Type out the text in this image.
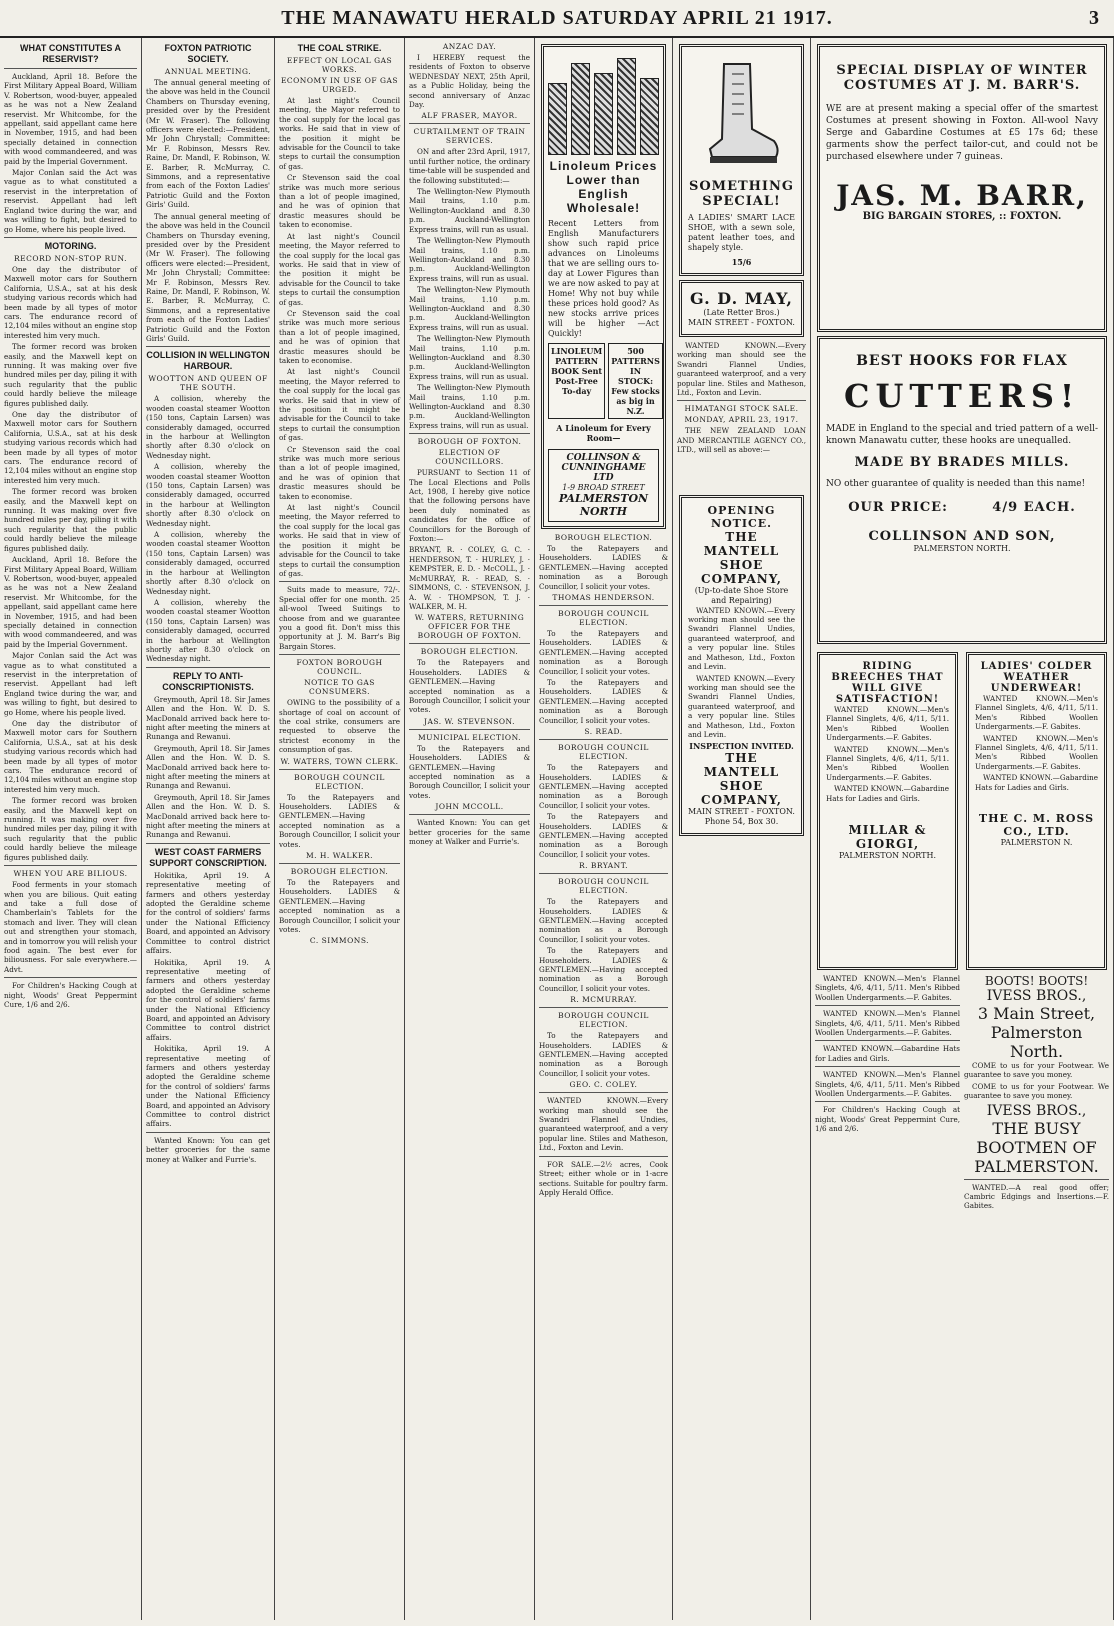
THE MANAWATU HERALD SATURDAY APRIL 21 1917.	3
WHAT CONSTITUTES A RESERVIST?

Auckland, April 18. Before the First Military Appeal Board, William V. Robertson, wood-buyer, appealed as he was not a New Zealand reservist. Mr Whitcombe, for the appellant, said appellant came here in November, 1915, and had been specially detained in connection with wood commandeered, and was paid by the Imperial Government.

Major Conlan said the Act was vague as to what constituted a reservist in the interpretation of reservist. Appellant had left England twice during the war, and was willing to fight, but desired to go Home, where his people lived.

MOTORING.
RECORD NON-STOP RUN.

One day the distributor of Maxwell motor cars for Southern California, U.S.A., sat at his desk studying various records which had been made by all types of motor cars. The endurance record of 12,104 miles without an engine stop interested him very much.

The former record was broken easily, and the Maxwell kept on running. It was making over five hundred miles per day, piling it with such regularity that the public could hardly believe the mileage figures published daily.

One day the distributor of Maxwell motor cars for Southern California, U.S.A., sat at his desk studying various records which had been made by all types of motor cars. The endurance record of 12,104 miles without an engine stop interested him very much.

The former record was broken easily, and the Maxwell kept on running. It was making over five hundred miles per day, piling it with such regularity that the public could hardly believe the mileage figures published daily.

Auckland, April 18. Before the First Military Appeal Board, William V. Robertson, wood-buyer, appealed as he was not a New Zealand reservist. Mr Whitcombe, for the appellant, said appellant came here in November, 1915, and had been specially detained in connection with wood commandeered, and was paid by the Imperial Government.

Major Conlan said the Act was vague as to what constituted a reservist in the interpretation of reservist. Appellant had left England twice during the war, and was willing to fight, but desired to go Home, where his people lived.

One day the distributor of Maxwell motor cars for Southern California, U.S.A., sat at his desk studying various records which had been made by all types of motor cars. The endurance record of 12,104 miles without an engine stop interested him very much.

The former record was broken easily, and the Maxwell kept on running. It was making over five hundred miles per day, piling it with such regularity that the public could hardly believe the mileage figures published daily.

WHEN YOU ARE BILIOUS.

Food ferments in your stomach when you are bilious. Quit eating and take a full dose of Chamberlain's Tablets for the stomach and liver. They will clean out and strengthen your stomach, and in tomorrow you will relish your food again. The best ever for biliousness. For sale everywhere.—Advt.

For Children's Hacking Cough at night, Woods' Great Peppermint Cure, 1/6 and 2/6.

FOXTON PATRIOTIC SOCIETY.
ANNUAL MEETING.

The annual general meeting of the above was held in the Council Chambers on Thursday evening, presided over by the President (Mr W. Fraser). The following officers were elected:—President, Mr John Chrystall; Committee: Mr F. Robinson, Messrs Rev. Raine, Dr. Mandl, F. Robinson, W. E. Barber, R. McMurray, C. Simmons, and a representative from each of the Foxton Ladies' Patriotic Guild and the Foxton Girls' Guild.

The annual general meeting of the above was held in the Council Chambers on Thursday evening, presided over by the President (Mr W. Fraser). The following officers were elected:—President, Mr John Chrystall; Committee: Mr F. Robinson, Messrs Rev. Raine, Dr. Mandl, F. Robinson, W. E. Barber, R. McMurray, C. Simmons, and a representative from each of the Foxton Ladies' Patriotic Guild and the Foxton Girls' Guild.

COLLISION IN WELLINGTON HARBOUR.
WOOTTON AND QUEEN OF THE SOUTH.

A collision, whereby the wooden coastal steamer Wootton (150 tons, Captain Larsen) was considerably damaged, occurred in the harbour at Wellington shortly after 8.30 o'clock on Wednesday night.

A collision, whereby the wooden coastal steamer Wootton (150 tons, Captain Larsen) was considerably damaged, occurred in the harbour at Wellington shortly after 8.30 o'clock on Wednesday night.

A collision, whereby the wooden coastal steamer Wootton (150 tons, Captain Larsen) was considerably damaged, occurred in the harbour at Wellington shortly after 8.30 o'clock on Wednesday night.

A collision, whereby the wooden coastal steamer Wootton (150 tons, Captain Larsen) was considerably damaged, occurred in the harbour at Wellington shortly after 8.30 o'clock on Wednesday night.

REPLY TO ANTI-CONSCRIPTIONISTS.

Greymouth, April 18. Sir James Allen and the Hon. W. D. S. MacDonald arrived back here to-night after meeting the miners at Runanga and Rewanui.

Greymouth, April 18. Sir James Allen and the Hon. W. D. S. MacDonald arrived back here to-night after meeting the miners at Runanga and Rewanui.

Greymouth, April 18. Sir James Allen and the Hon. W. D. S. MacDonald arrived back here to-night after meeting the miners at Runanga and Rewanui.

WEST COAST FARMERS SUPPORT CONSCRIPTION.

Hokitika, April 19. A representative meeting of farmers and others yesterday adopted the Geraldine scheme for the control of soldiers' farms under the National Efficiency Board, and appointed an Advisory Committee to control district affairs.

Hokitika, April 19. A representative meeting of farmers and others yesterday adopted the Geraldine scheme for the control of soldiers' farms under the National Efficiency Board, and appointed an Advisory Committee to control district affairs.

Hokitika, April 19. A representative meeting of farmers and others yesterday adopted the Geraldine scheme for the control of soldiers' farms under the National Efficiency Board, and appointed an Advisory Committee to control district affairs.

Wanted Known: You can get better groceries for the same money at Walker and Furrie's.

THE COAL STRIKE.
EFFECT ON LOCAL GAS WORKS.
ECONOMY IN USE OF GAS URGED.

At last night's Council meeting, the Mayor referred to the coal supply for the local gas works. He said that in view of the position it might be advisable for the Council to take steps to curtail the consumption of gas.

Cr Stevenson said the coal strike was much more serious than a lot of people imagined, and he was of opinion that drastic measures should be taken to economise.

At last night's Council meeting, the Mayor referred to the coal supply for the local gas works. He said that in view of the position it might be advisable for the Council to take steps to curtail the consumption of gas.

Cr Stevenson said the coal strike was much more serious than a lot of people imagined, and he was of opinion that drastic measures should be taken to economise.

At last night's Council meeting, the Mayor referred to the coal supply for the local gas works. He said that in view of the position it might be advisable for the Council to take steps to curtail the consumption of gas.

Cr Stevenson said the coal strike was much more serious than a lot of people imagined, and he was of opinion that drastic measures should be taken to economise.

At last night's Council meeting, the Mayor referred to the coal supply for the local gas works. He said that in view of the position it might be advisable for the Council to take steps to curtail the consumption of gas.

Suits made to measure, 72/-. Special offer for one month. 25 all-wool Tweed Suitings to choose from and we guarantee you a good fit. Don't miss this opportunity at J. M. Barr's Big Bargain Stores.

FOXTON BOROUGH COUNCIL.
NOTICE TO GAS CONSUMERS.

OWING to the possibility of a shortage of coal on account of the coal strike, consumers are requested to observe the strictest economy in the consumption of gas.

W. WATERS, TOWN CLERK.
BOROUGH COUNCIL ELECTION.

To the Ratepayers and Householders. LADIES & GENTLEMEN.—Having accepted nomination as a Borough Councillor, I solicit your votes.

M. H. WALKER.
BOROUGH ELECTION.

To the Ratepayers and Householders. LADIES & GENTLEMEN.—Having accepted nomination as a Borough Councillor, I solicit your votes.

C. SIMMONS.
ANZAC DAY.

I HEREBY request the residents of Foxton to observe WEDNESDAY NEXT, 25th April, as a Public Holiday, being the second anniversary of Anzac Day.

ALF FRASER, MAYOR.
CURTAILMENT OF TRAIN SERVICES.

ON and after 23rd April, 1917, until further notice, the ordinary time-table will be suspended and the following substituted:—

The Wellington-New Plymouth Mail trains, 1.10 p.m. Wellington-Auckland and 8.30 p.m. Auckland-Wellington Express trains, will run as usual.

The Wellington-New Plymouth Mail trains, 1.10 p.m. Wellington-Auckland and 8.30 p.m. Auckland-Wellington Express trains, will run as usual.

The Wellington-New Plymouth Mail trains, 1.10 p.m. Wellington-Auckland and 8.30 p.m. Auckland-Wellington Express trains, will run as usual.

The Wellington-New Plymouth Mail trains, 1.10 p.m. Wellington-Auckland and 8.30 p.m. Auckland-Wellington Express trains, will run as usual.

The Wellington-New Plymouth Mail trains, 1.10 p.m. Wellington-Auckland and 8.30 p.m. Auckland-Wellington Express trains, will run as usual.

BOROUGH OF FOXTON.
ELECTION OF COUNCILLORS.

PURSUANT to Section 11 of The Local Elections and Polls Act, 1908, I hereby give notice that the following persons have been duly nominated as candidates for the office of Councillors for the Borough of Foxton:—

BRYANT, R. · COLEY, G. C. · HENDERSON, T. · HURLEY, J. · KEMPSTER, E. D. · McCOLL, J. · McMURRAY, R. · READ, S. · SIMMONS, C. · STEVENSON, J. A. W. · THOMPSON, T. J. · WALKER, M. H.

W. WATERS, RETURNING OFFICER FOR THE BOROUGH OF FOXTON.
BOROUGH ELECTION.

To the Ratepayers and Householders. LADIES & GENTLEMEN.—Having accepted nomination as a Borough Councillor, I solicit your votes.

JAS. W. STEVENSON.
MUNICIPAL ELECTION.

To the Ratepayers and Householders. LADIES & GENTLEMEN.—Having accepted nomination as a Borough Councillor, I solicit your votes.

JOHN MCCOLL.

Wanted Known: You can get better groceries for the same money at Walker and Furrie's.

Linoleum Prices Lower than English Wholesale!
Recent Letters from English Manufacturers show such rapid price advances on Linoleums that we are selling ours to-day at Lower Figures than we are now asked to pay at Home! Why not buy while these prices hold good? As new stocks arrive prices will be higher —Act Quickly!
LINOLEUM PATTERN BOOK Sent Post-Free To-day
500 PATTERNS IN STOCK: Few stocks as big in N.Z.
A Linoleum for Every Room—
COLLINSON & CUNNINGHAME LTD
1-9 BROAD STREET
PALMERSTON NORTH
BOROUGH ELECTION.

To the Ratepayers and Householders. LADIES & GENTLEMEN.—Having accepted nomination as a Borough Councillor, I solicit your votes.

THOMAS HENDERSON.
BOROUGH COUNCIL ELECTION.

To the Ratepayers and Householders. LADIES & GENTLEMEN.—Having accepted nomination as a Borough Councillor, I solicit your votes.

To the Ratepayers and Householders. LADIES & GENTLEMEN.—Having accepted nomination as a Borough Councillor, I solicit your votes.

S. READ.
BOROUGH COUNCIL ELECTION.

To the Ratepayers and Householders. LADIES & GENTLEMEN.—Having accepted nomination as a Borough Councillor, I solicit your votes.

To the Ratepayers and Householders. LADIES & GENTLEMEN.—Having accepted nomination as a Borough Councillor, I solicit your votes.

R. BRYANT.
BOROUGH COUNCIL ELECTION.

To the Ratepayers and Householders. LADIES & GENTLEMEN.—Having accepted nomination as a Borough Councillor, I solicit your votes.

To the Ratepayers and Householders. LADIES & GENTLEMEN.—Having accepted nomination as a Borough Councillor, I solicit your votes.

R. MCMURRAY.
BOROUGH COUNCIL ELECTION.

To the Ratepayers and Householders. LADIES & GENTLEMEN.—Having accepted nomination as a Borough Councillor, I solicit your votes.

GEO. C. COLEY.

WANTED KNOWN.—Every working man should see the Swandri Flannel Undies, guaranteed waterproof, and a very popular line. Stiles and Matheson, Ltd., Foxton and Levin.

FOR SALE.—2½ acres, Cook Street; either whole or in 1-acre sections. Suitable for poultry farm. Apply Herald Office.

SOMETHING
SPECIAL!
A LADIES' SMART LACE SHOE, with a sewn sole, patent leather toes, and shapely style.
15/6
G. D. MAY,
(Late Retter Bros.)
MAIN STREET - FOXTON.

WANTED KNOWN.—Every working man should see the Swandri Flannel Undies, guaranteed waterproof, and a very popular line. Stiles and Matheson, Ltd., Foxton and Levin.

HIMATANGI STOCK SALE.
MONDAY, APRIL 23, 1917.

THE NEW ZEALAND LOAN AND MERCANTILE AGENCY CO., LTD., will sell as above:—

OPENING NOTICE.
THE MANTELL SHOE COMPANY,
(Up-to-date Shoe Store and Repairing)

WANTED KNOWN.—Every working man should see the Swandri Flannel Undies, guaranteed waterproof, and a very popular line. Stiles and Matheson, Ltd., Foxton and Levin.

WANTED KNOWN.—Every working man should see the Swandri Flannel Undies, guaranteed waterproof, and a very popular line. Stiles and Matheson, Ltd., Foxton and Levin.

INSPECTION INVITED.
THE MANTELL SHOE COMPANY,
MAIN STREET - FOXTON.
Phone 54, Box 30.
SPECIAL DISPLAY OF WINTER COSTUMES AT J. M. BARR'S.
WE are at present making a special offer of the smartest Costumes at present showing in Foxton. All-wool Navy Serge and Gabardine Costumes at £5 17s 6d; these garments show the perfect tailor-cut, and could not be purchased elsewhere under 7 guineas.
JAS. M. BARR,
BIG BARGAIN STORES, :: FOXTON.
BEST HOOKS FOR FLAX
CUTTERS!
MADE in England to the special and tried pattern of a well-known Manawatu cutter, these hooks are unequalled.
MADE BY BRADES MILLS.
NO other guarantee of quality is needed than this name!
OUR PRICE:	4/9 EACH.
COLLINSON AND SON,
PALMERSTON NORTH.
RIDING BREECHES THAT WILL GIVE SATISFACTION!

WANTED KNOWN.—Men's Flannel Singlets, 4/6, 4/11, 5/11. Men's Ribbed Woollen Undergarments.—F. Gabites.

WANTED KNOWN.—Men's Flannel Singlets, 4/6, 4/11, 5/11. Men's Ribbed Woollen Undergarments.—F. Gabites.

WANTED KNOWN.—Gabardine Hats for Ladies and Girls.

MILLAR & GIORGI,
PALMERSTON NORTH.
LADIES' COLDER WEATHER UNDERWEAR!

WANTED KNOWN.—Men's Flannel Singlets, 4/6, 4/11, 5/11. Men's Ribbed Woollen Undergarments.—F. Gabites.

WANTED KNOWN.—Men's Flannel Singlets, 4/6, 4/11, 5/11. Men's Ribbed Woollen Undergarments.—F. Gabites.

WANTED KNOWN.—Gabardine Hats for Ladies and Girls.

THE C. M. ROSS CO., LTD.
PALMERSTON N.

WANTED KNOWN.—Men's Flannel Singlets, 4/6, 4/11, 5/11. Men's Ribbed Woollen Undergarments.—F. Gabites.

WANTED KNOWN.—Men's Flannel Singlets, 4/6, 4/11, 5/11. Men's Ribbed Woollen Undergarments.—F. Gabites.

WANTED KNOWN.—Gabardine Hats for Ladies and Girls.

WANTED KNOWN.—Men's Flannel Singlets, 4/6, 4/11, 5/11. Men's Ribbed Woollen Undergarments.—F. Gabites.

For Children's Hacking Cough at night, Woods' Great Peppermint Cure, 1/6 and 2/6.

BOOTS! BOOTS!
IVESS BROS.,
3 Main Street, Palmerston North.

COME to us for your Footwear. We guarantee to save you money.

COME to us for your Footwear. We guarantee to save you money.

IVESS BROS.,
THE BUSY BOOTMEN OF PALMERSTON.

WANTED.—A real good offer; Cambric Edgings and Insertions.—F. Gabites.
